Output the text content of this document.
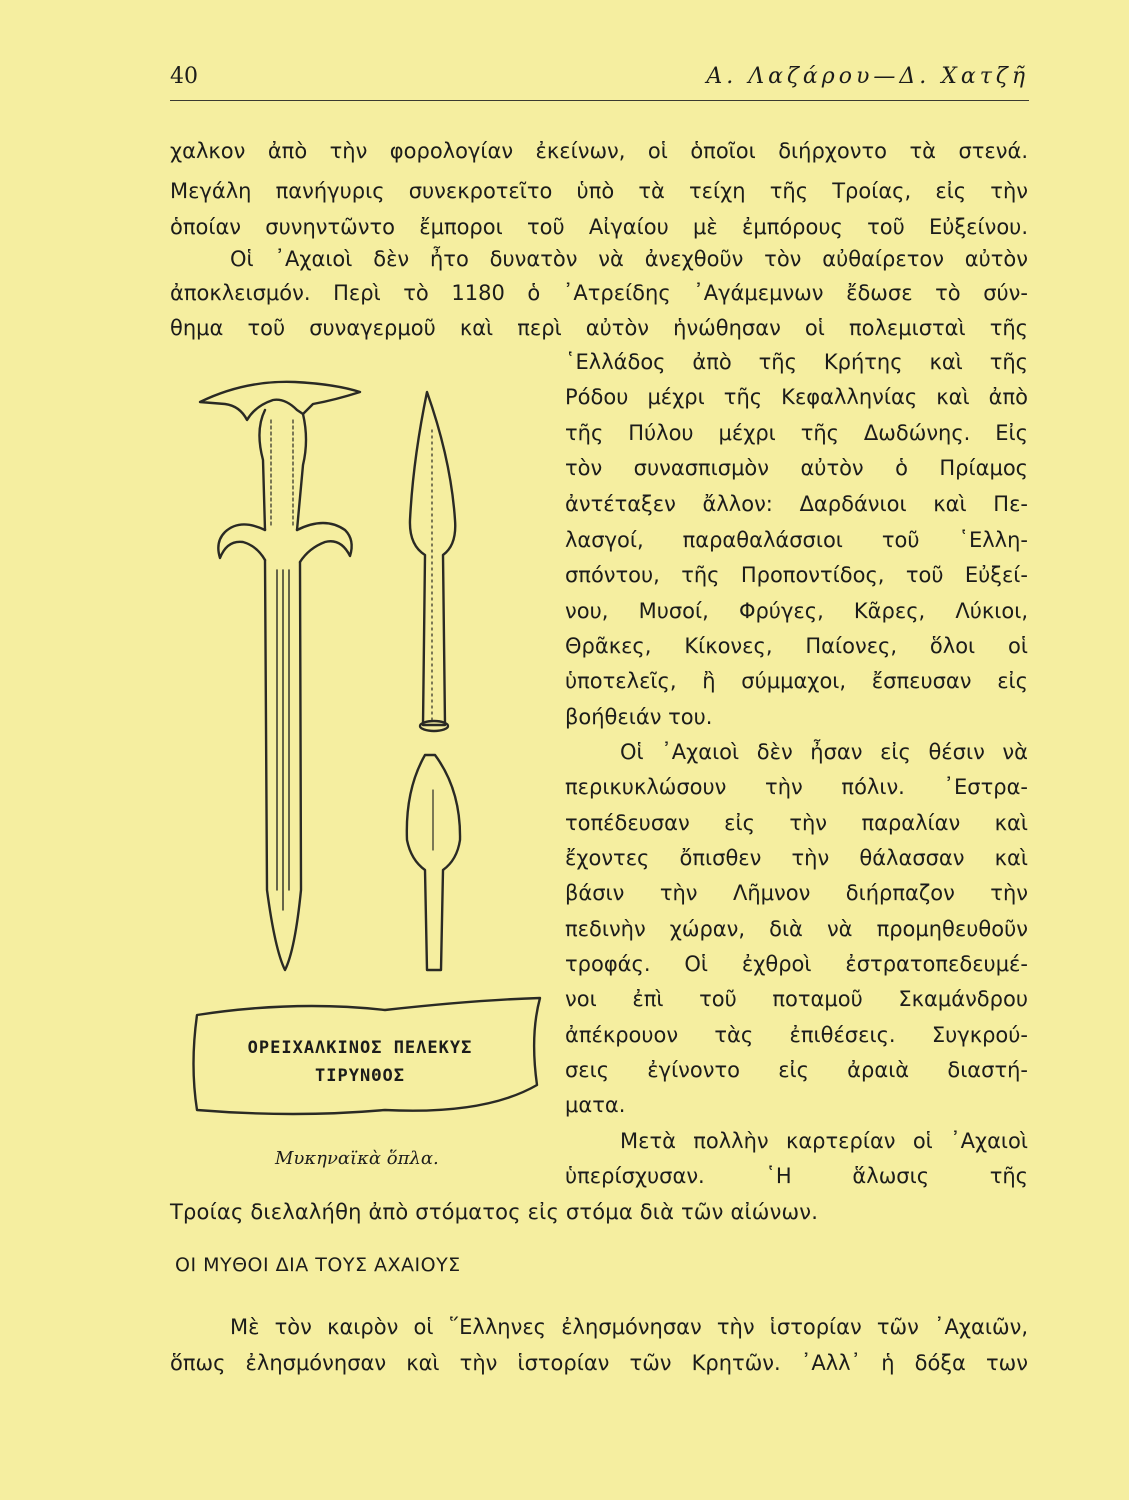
40	Α. Λαζάρου—Δ. Χατζῆ
χαλκον ἀπὸ τὴν φορολογίαν ἐκείνων, οἱ ὁποῖοι διήρχοντο τὰ στενά.
Μεγάλη πανήγυρις συνεκροτεῖτο ὑπὸ τὰ τείχη τῆς Τροίας, εἰς τὴν
ὁποίαν συνηντῶντο ἔμποροι τοῦ Αἰγαίου μὲ ἐμπόρους τοῦ Εὐξείνου.
Οἱ ᾿Αχαιοὶ δὲν ἦτο δυνατὸν νὰ ἀνεχθοῦν τὸν αὐθαίρετον αὐτὸν
ἀποκλεισμόν. Περὶ τὸ 1180 ὁ ᾿Ατρείδης ᾿Αγάμεμνων ἔδωσε τὸ σύν-
θημα τοῦ συναγερμοῦ καὶ περὶ αὐτὸν ἡνώθησαν οἱ πολεμισταὶ τῆς
῾Ελλάδος ἀπὸ τῆς Κρήτης καὶ τῆς
Ρόδου μέχρι τῆς Κεφαλληνίας καὶ ἀπὸ
τῆς Πύλου μέχρι τῆς Δωδώνης. Εἰς
τὸν συνασπισμὸν αὐτὸν ὁ Πρίαμος
ἀντέταξεν ἄλλον: Δαρδάνιοι καὶ Πε-
λασγοί, παραθαλάσσιοι τοῦ ῾Ελλη-
σπόντου, τῆς Προποντίδος, τοῦ Εὐξεί-
νου, Μυσοί, Φρύγες, Κᾶρες, Λύκιοι,
Θρᾶκες, Κίκονες, Παίονες, ὅλοι οἱ
ὑποτελεῖς, ἢ σύμμαχοι, ἔσπευσαν εἰς
βοήθειάν του.
Οἱ ᾿Αχαιοὶ δὲν ἦσαν εἰς θέσιν νὰ
περικυκλώσουν τὴν πόλιν. ᾿Εστρα-
τοπέδευσαν εἰς τὴν παραλίαν καὶ
ἔχοντες ὄπισθεν τὴν θάλασσαν καὶ
βάσιν τὴν Λῆμνον διήρπαζον τὴν
πεδινὴν χώραν, διὰ νὰ προμηθευθοῦν
τροφάς. Οἱ ἐχθροὶ ἐστρατοπεδευμέ-
νοι ἐπὶ τοῦ ποταμοῦ Σκαμάνδρου
ἀπέκρουον τὰς ἐπιθέσεις. Συγκρού-
σεις ἐγίνοντο εἰς ἀραιὰ διαστή-
ματα.
Μετὰ πολλὴν καρτερίαν οἱ ᾿Αχαιοὶ
ὑπερίσχυσαν. ῾Η ἅλωσις τῆς
Τροίας διελαλήθη ἀπὸ στόματος εἰς στόμα διὰ τῶν αἰώνων.
ΟΡΕΙΧΑΛΚΙΝΟΣ ΠΕΛΕΚΥΣ
ΤΙΡΥΝΘΟΣ
Μυκηναϊκὰ ὅπλα.
ΟΙ ΜΥΘΟΙ ΔΙΑ ΤΟΥΣ ΑΧΑΙΟΥΣ
Μὲ τὸν καιρὸν οἱ ῞Ελληνες ἐλησμόνησαν τὴν ἱστορίαν τῶν ᾿Αχαιῶν,
ὅπως ἐλησμόνησαν καὶ τὴν ἱστορίαν τῶν Κρητῶν. ᾿Αλλ᾿ ἡ δόξα των
